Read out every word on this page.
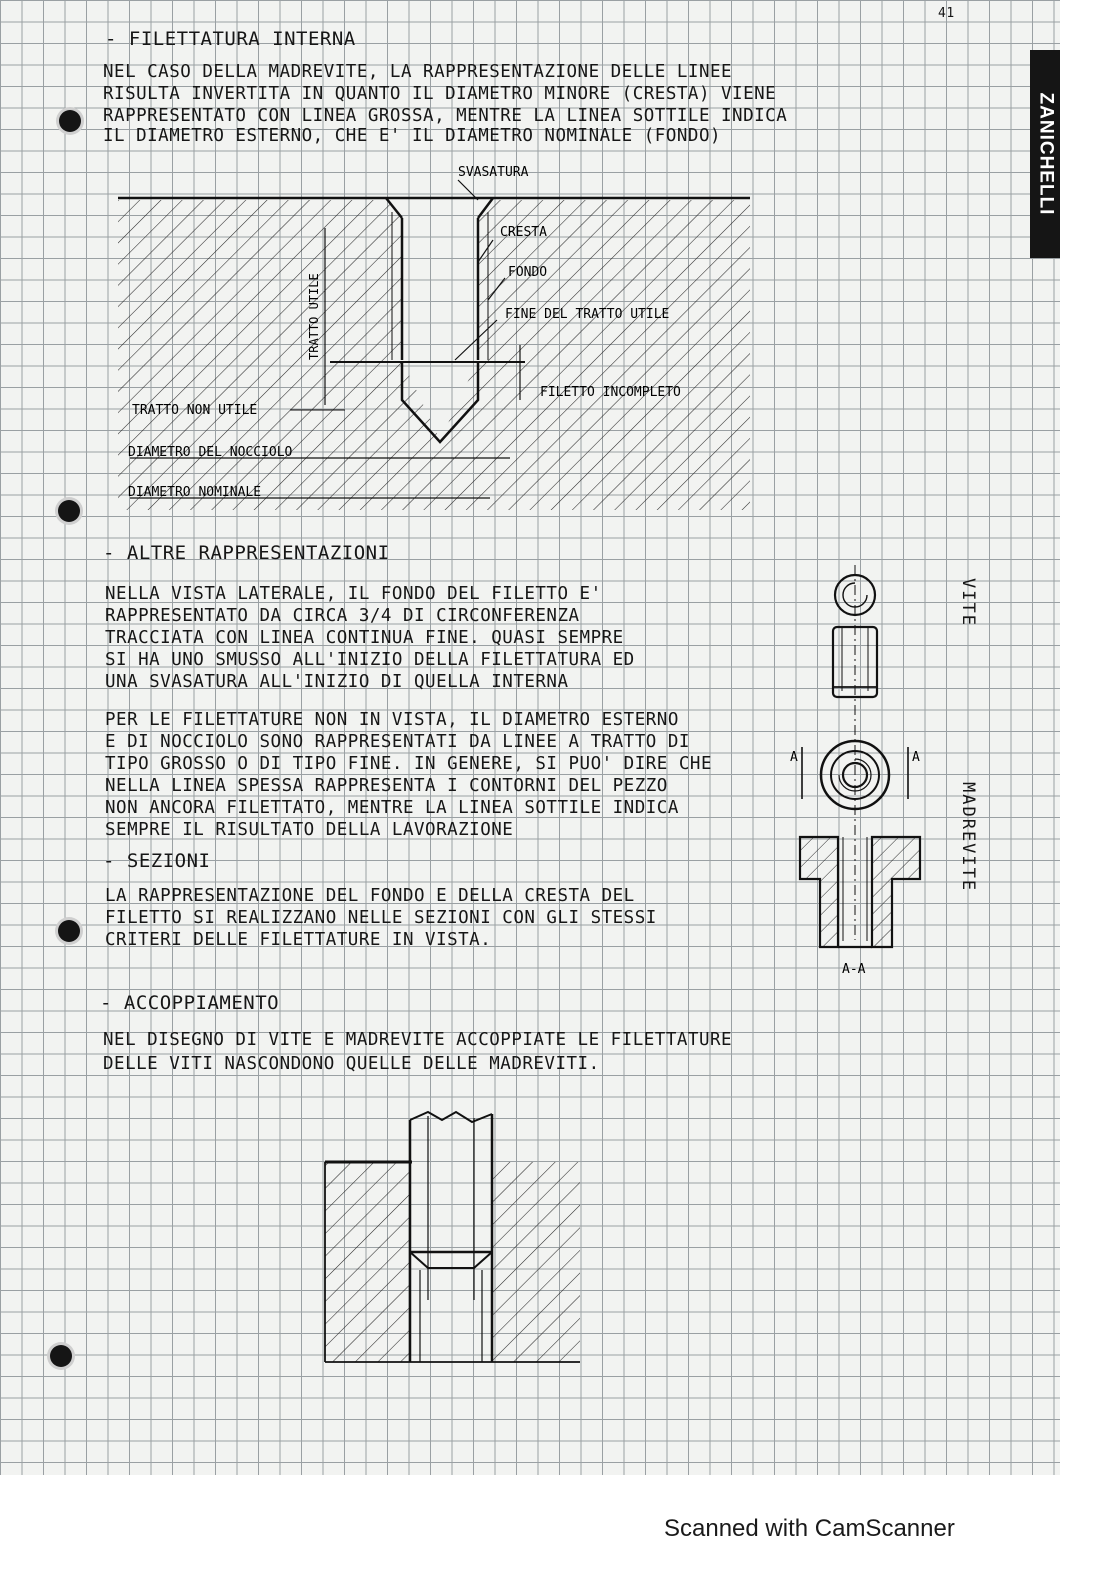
41
ZANICHELLI
- FILETTATURA INTERNA
NEL CASO DELLA MADREVITE, LA RAPPRESENTAZIONE DELLE LINEE
RISULTA INVERTITA IN QUANTO IL DIAMETRO MINORE (CRESTA) VIENE
RAPPRESENTATO CON LINEA GROSSA, MENTRE LA LINEA SOTTILE INDICA
IL DIAMETRO ESTERNO, CHE E' IL DIAMETRO NOMINALE (FONDO)
SVASATURA
CRESTA
FONDO
FINE DEL TRATTO UTILE
FILETTO INCOMPLETO
TRATTO UTILE
TRATTO NON UTILE
DIAMETRO DEL NOCCIOLO
DIAMETRO NOMINALE
- ALTRE RAPPRESENTAZIONI
NELLA VISTA LATERALE, IL FONDO DEL FILETTO E'
RAPPRESENTATO DA CIRCA 3/4 DI CIRCONFERENZA
TRACCIATA CON LINEA CONTINUA FINE. QUASI SEMPRE
SI HA UNO SMUSSO ALL'INIZIO DELLA FILETTATURA ED
UNA SVASATURA ALL'INIZIO DI QUELLA INTERNA
PER LE FILETTATURE NON IN VISTA, IL DIAMETRO ESTERNO
E DI NOCCIOLO SONO RAPPRESENTATI DA LINEE A TRATTO DI
TIPO GROSSO O DI TIPO FINE. IN GENERE, SI PUO' DIRE CHE
NELLA LINEA SPESSA RAPPRESENTA I CONTORNI DEL PEZZO
NON ANCORA FILETTATO, MENTRE LA LINEA SOTTILE INDICA
SEMPRE IL RISULTATO DELLA LAVORAZIONE
- SEZIONI
LA RAPPRESENTAZIONE DEL FONDO E DELLA CRESTA DEL
FILETTO SI REALIZZANO NELLE SEZIONI CON GLI STESSI
CRITERI DELLE FILETTATURE IN VISTA.
A	A
A-A
VITE
MADREVITE
- ACCOPPIAMENTO
NEL DISEGNO DI VITE E MADREVITE ACCOPPIATE LE FILETTATURE
DELLE VITI NASCONDONO QUELLE DELLE MADREVITI.
Scanned with CamScanner
